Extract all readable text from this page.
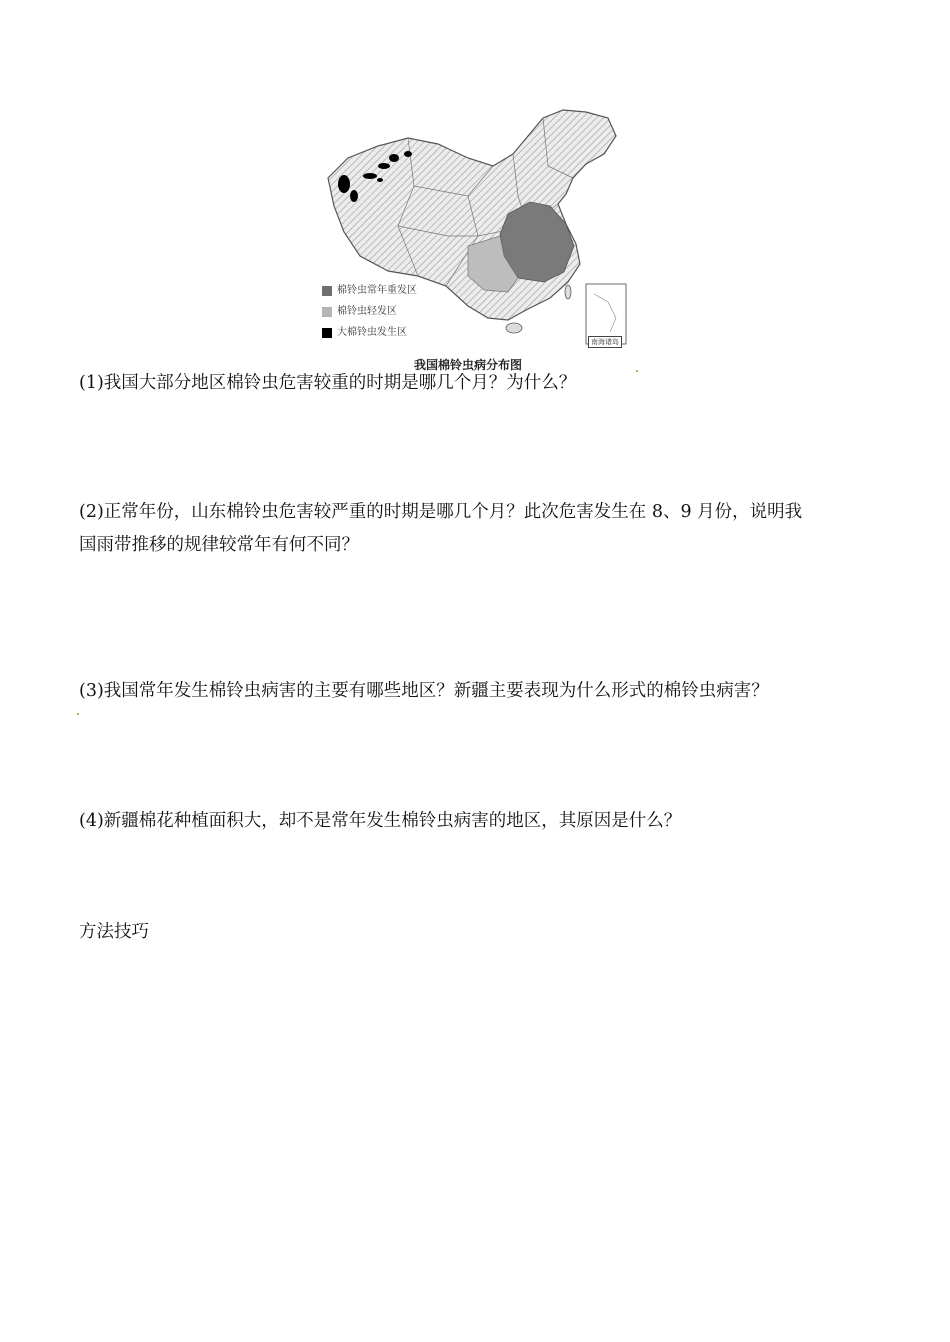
棉铃虫常年重发区
棉铃虫轻发区
大棉铃虫发生区
南海诸岛
我国棉铃虫病分布图
(1)我国大部分地区棉铃虫危害较重的时期是哪几个月？为什么？
(2)正常年份，山东棉铃虫危害较严重的时期是哪几个月？此次危害发生在 8、9 月份，说明我
国雨带推移的规律较常年有何不同？
(3)我国常年发生棉铃虫病害的主要有哪些地区？新疆主要表现为什么形式的棉铃虫病害？
(4)新疆棉花种植面积大，却不是常年发生棉铃虫病害的地区，其原因是什么？
方法技巧
